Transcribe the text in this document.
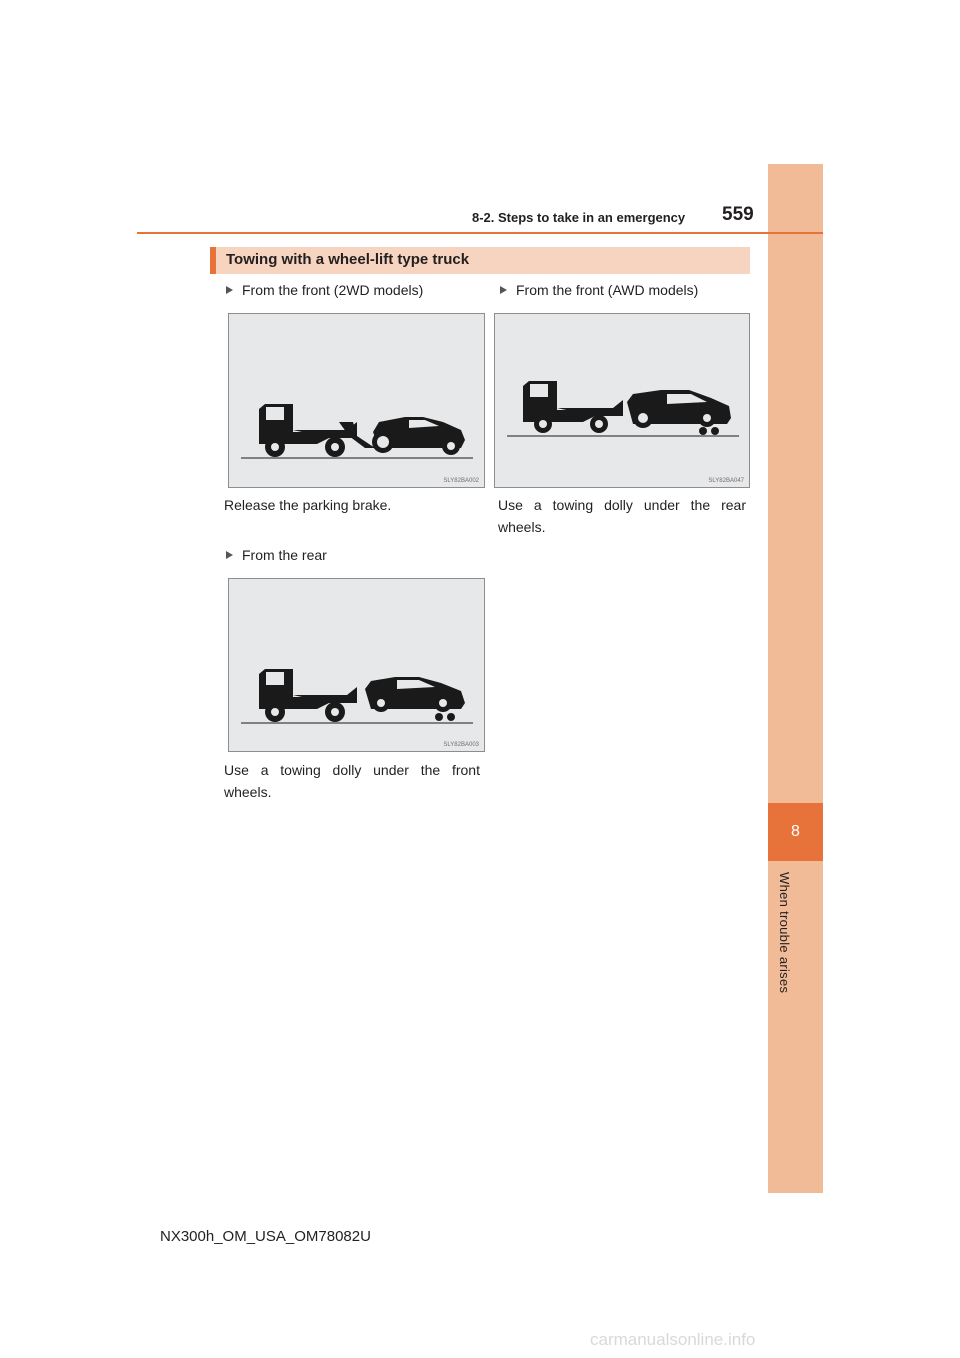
8
When trouble arises
8-2. Steps to take in an emergency 559
Towing with a wheel-lift type truck
From the front (2WD models)
SLY82BA002
Release the parking brake.
From the front (AWD models)
SLY82BA047
Use a towing dolly under the rear wheels.
From the rear
SLY82BA003
Use a towing dolly under the front wheels.
NX300h_OM_USA_OM78082U
carmanualsonline.info
